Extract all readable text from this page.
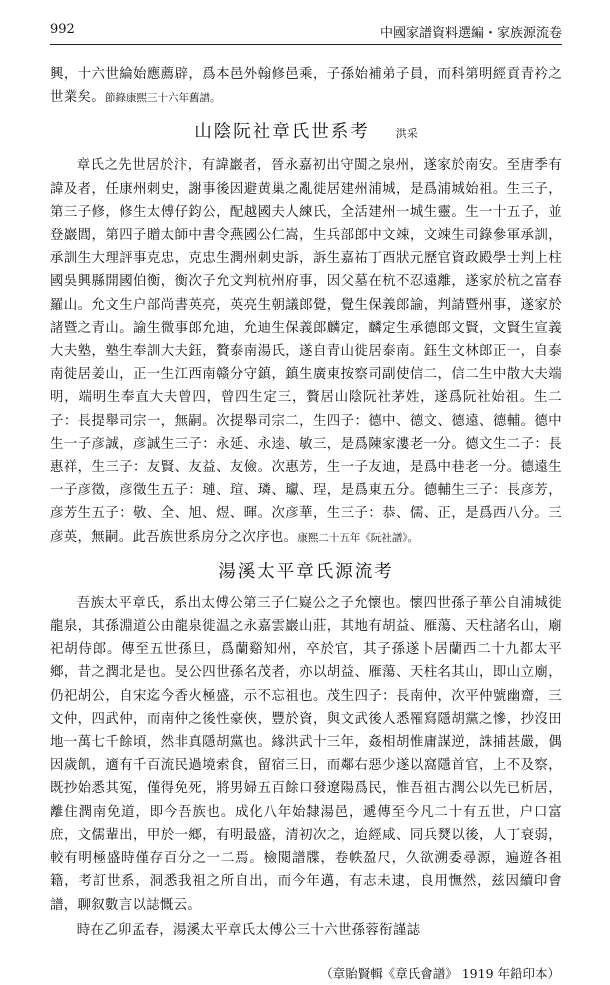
992	中國家譜資料選編・家族源流卷

興，十六世綸始應薦辟，爲本邑外翰修邑乘，子孫始補弟子員，而科第明經貢青衿之世業矣。節錄康熙三十六年舊譜。

山陰阮社章氏世系考 洪采

章氏之先世居於汴，有諱巖者，晉永嘉初出守閩之泉州，遂家於南安。至唐季有諱及者，任康州刺史，謝事後因避黄巢之亂徙居建州浦城，是爲浦城始祖。生三子，第三子修，修生太傅仔鈞公，配越國夫人練氏，全活建州一城生靈。生一十五子，並登巖閭，第四子贈太師中書令燕國公仁嵩，生兵部郎中文竦，文竦生司錄參軍承訓，承訓生大理評事克忠，克忠生潤州刺史訴，訴生嘉祐丁酉狀元歷官資政殿學士判上柱國吳興縣開國伯衡，衡次子允文判杭州府事，因父墓在杭不忍遠離，遂家於杭之富春羅山。允文生户部尚書英亮，英亮生朝議郎覺，覺生保義郎諭，判請暨州事，遂家於諸暨之青山。諭生微事郎允迪，允迪生保義郎麟定，麟定生承德郎文賢，文賢生宣義大夫塾，塾生奉訓大夫鈺，贅泰南湯氏，遂自青山徙居泰南。鈺生文林郎正一，自泰南徙居姜山，正一生江西南赣分守鎮，鎮生廣東按察司副使信二，信二生中散大夫端明，端明生奉直大夫曾四，曾四生定三，贅居山陰阮社茅姓，遂爲阮社始祖。生二子：長提舉司宗一，無嗣。次提舉司宗二，生四子：德中、德文、德遠、德輔。德中生一子彦誠，彦誠生三子：永延、永逵、敏三，是爲陳家漊老一分。德文生二子：長惠祥，生三子：友賢、友益、友儉。次惠芳，生一子友迪，是爲中巷老一分。德遠生一子彦徵，彦徵生五子：璉、瑄、璘、瓛、珵，是爲東五分。德輔生三子：長彦芳，彦芳生五子：敬、全、旭、煜、暉。次彦華，生三子：恭、儒、正，是爲西八分。三彦英，無嗣。此吾族世系房分之次序也。康熙二十五年《阮社譜》。

湯溪太平章氏源流考

吾族太平章氏，系出太傅公第三子仁嶷公之子允懷也。懷四世孫子華公自浦城徙龍泉，其孫淵道公由龍泉徙温之永嘉雲巖山莊，其地有胡益、雁蕩、天柱諸名山，廟祀胡侍郎。傳至五世孫旦，爲蘭谿知州，卒於官，其子孫遂卜居蘭西二十九都太平鄉，昔之潤北是也。旻公四世孫名茂者，亦以胡益、雁蕩、天柱名其山，即山立廟，仍祀胡公，自宋迄今香火極盛，示不忘祖也。茂生四子：長南仲，次平仲號幽齋，三文仲，四武仲，而南仲之後性豪俠，豐於資，與文武後人悉罹寫隱胡黨之慘，抄沒田地一萬七千餘頃，然非真隱胡黨也。緣洪武十三年，姦相胡惟庸謀逆，誅捕甚嚴，偶因歲飢，適有千百流民過境索食，留宿三日，而鄰右惡少遂以窩隱首官，上不及察，既抄始悉其冤，僅得免死，將男婦五百餘口發遼陽爲民，惟吾祖古潤公以先已析居，離住潤南免道，即今吾族也。成化八年始隸湯邑，遞傳至今凡二十有五世，户口富庶，文儒輩出，甲於一鄉，有明最盛，清初次之，迨經咸、同兵燹以後，人丁衰弱，較有明極盛時僅存百分之一二焉。檢閱譜牒，卷帙盈尺，久欲溯委尋源，遍遊各祖籍，考訂世系，洞悉我祖之所自出，而今年邁，有志未逮，良用憮然，兹因續印會譜，聊叙數言以誌慨云。

時在乙卯孟春，湯溪太平章氏太傅公三十六世孫蓉衔謹誌

（章貽賢輯《章氏會譜》 1919 年鉛印本）
